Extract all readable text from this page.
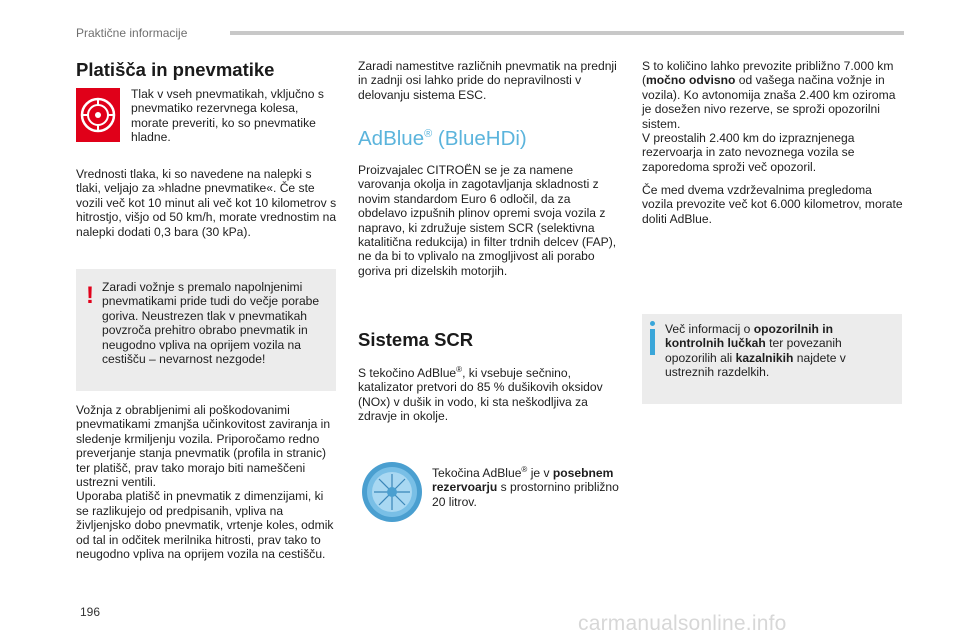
Praktične informacije
Platišča in pnevmatike

Tlak v vseh pnevmatikah, vključno s pnevmatiko rezervnega kolesa, morate preveriti, ko so pnevmatike hladne.

Vrednosti tlaka, ki so navedene na nalepki s tlaki, veljajo za »hladne pnevmatike«. Če ste vozili več kot 10 minut ali več kot 10 kilometrov s hitrostjo, višjo od 50 km/h, morate vrednostim na nalepki dodati 0,3 bara (30 kPa).

! Zaradi vožnje s premalo napolnjenimi pnevmatikami pride tudi do večje porabe goriva. Neustrezen tlak v pnevmatikah povzroča prehitro obrabo pnevmatik in neugodno vpliva na oprijem vozila na cestišču – nevarnost nezgode!

Vožnja z obrabljenimi ali poškodovanimi pnevmatikami zmanjša učinkovitost zaviranja in sledenje krmiljenju vozila. Priporočamo redno preverjanje stanja pnevmatik (profila in stranic) ter platišč, prav tako morajo biti nameščeni ustrezni ventili.

Uporaba platišč in pnevmatik z dimenzijami, ki se razlikujejo od predpisanih, vpliva na življenjsko dobo pnevmatik, vrtenje koles, odmik od tal in odčitek merilnika hitrosti, prav tako to neugodno vpliva na oprijem vozila na cestišču.

Zaradi namestitve različnih pnevmatik na prednji in zadnji osi lahko pride do nepravilnosti v delovanju sistema ESC.

AdBlue® (BlueHDi)

Proizvajalec CITROËN se je za namene varovanja okolja in zagotavljanja skladnosti z novim standardom Euro 6 odločil, da za obdelavo izpušnih plinov opremi svoja vozila z napravo, ki združuje sistem SCR (selektivna katalitična redukcija) in filter trdnih delcev (FAP), ne da bi to vplivalo na zmogljivost ali porabo goriva pri dizelskih motorjih.

Sistema SCR

S tekočino AdBlue®, ki vsebuje sečnino, katalizator pretvori do 85 % dušikovih oksidov (NOx) v dušik in vodo, ki sta neškodljiva za zdravje in okolje.

Tekočina AdBlue® je v posebnem rezervoarju s prostornino približno 20 litrov.

S to količino lahko prevozite približno 7.000 km (močno odvisno od vašega načina vožnje in vozila). Ko avtonomija znaša 2.400 km oziroma je dosežen nivo rezerve, se sproži opozorilni sistem.

V preostalih 2.400 km do izpraznjenega rezervoarja in zato nevoznega vozila se zaporedoma sproži več opozoril.

Če med dvema vzdrževalnima pregledoma vozila prevozite več kot 6.000 kilometrov, morate doliti AdBlue.

Več informacij o opozorilnih in kontrolnih lučkah ter povezanih opozorilih ali kazalnikih najdete v ustreznih razdelkih.

196	carmanualsonline.info
